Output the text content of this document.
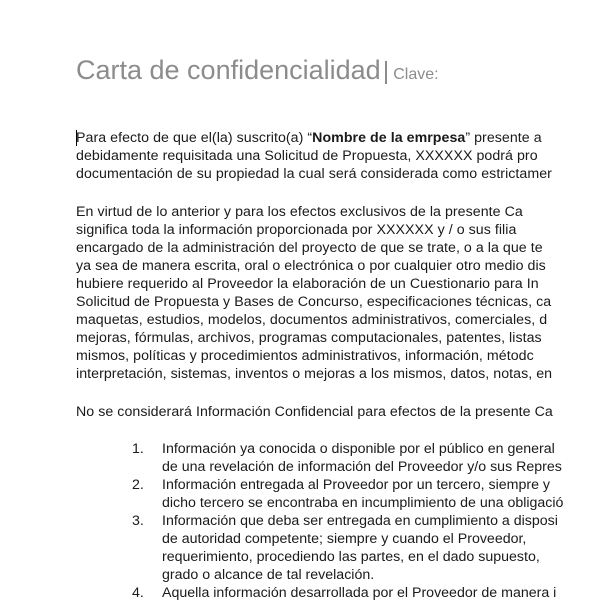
Carta de confidencialidad| Clave:
Para efecto de que el(la) suscrito(a) “Nombre de la emrpesa” presente a
debidamente requisitada una Solicitud de Propuesta, XXXXXX podrá pro
documentación de su propiedad la cual será considerada como estrictamer
En virtud de lo anterior y para los efectos exclusivos de la presente Ca
significa toda la información proporcionada por XXXXXX y / o sus filia
encargado de la administración del proyecto de que se trate, o a la que te
ya sea de manera escrita, oral o electrónica o por cualquier otro medio dis
hubiere requerido al Proveedor la elaboración de un Cuestionario para In
Solicitud de Propuesta y Bases de Concurso, especificaciones técnicas, ca
maquetas, estudios, modelos, documentos administrativos, comerciales, d
mejoras, fórmulas, archivos, programas computacionales, patentes, listas
mismos, políticas y procedimientos administrativos, información, métodc
interpretación, sistemas, inventos o mejoras a los mismos, datos, notas, en
No se considerará Información Confidencial para efectos de la presente Ca
1. Información ya conocida o disponible por el público en general
de una revelación de información del Proveedor y/o sus Repres
2. Información entregada al Proveedor por un tercero, siempre y
dicho tercero se encontraba en incumplimiento de una obligació
3. Información que deba ser entregada en cumplimiento a disposi
de autoridad competente; siempre y cuando el Proveedor,
requerimiento, procediendo las partes, en el dado supuesto,
grado o alcance de tal revelación.
4. Aquella información desarrollada por el Proveedor de manera i
